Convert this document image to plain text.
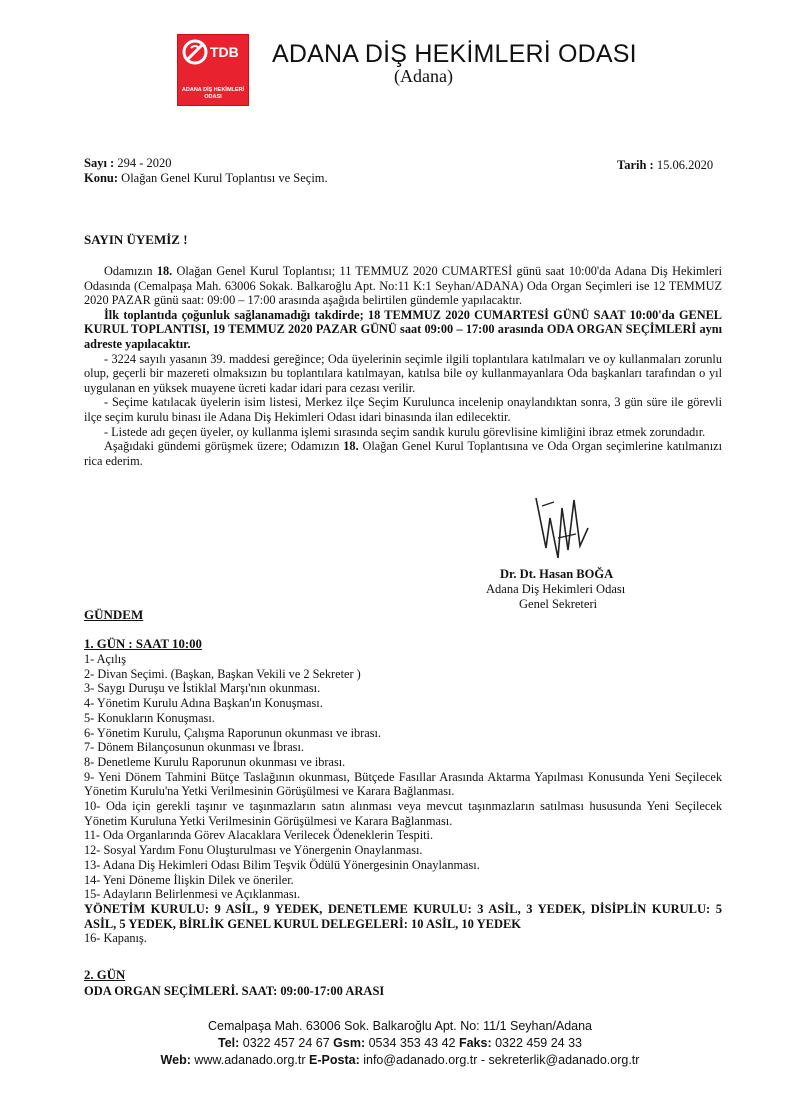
TDB
ADANA DİŞ HEKİMLERİ ODASI
ADANA DİŞ HEKİMLERİ ODASI
(Adana)
Sayı : 294 - 2020
Konu: Olağan Genel Kurul Toplantısı ve Seçim.
Tarih : 15.06.2020
SAYIN ÜYEMİZ !

Odamızın 18. Olağan Genel Kurul Toplantısı; 11 TEMMUZ 2020 CUMARTESİ günü saat 10:00'da Adana Diş Hekimleri Odasında (Cemalpaşa Mah. 63006 Sokak. Balkaroğlu Apt. No:11 K:1 Seyhan/ADANA) Oda Organ Seçimleri ise 12 TEMMUZ 2020 PAZAR günü saat: 09:00 – 17:00 arasında aşağıda belirtilen gündemle yapılacaktır.

İlk toplantıda çoğunluk sağlanamadığı takdirde; 18 TEMMUZ 2020 CUMARTESİ GÜNÜ SAAT 10:00'da GENEL KURUL TOPLANTISI, 19 TEMMUZ 2020 PAZAR GÜNÜ saat 09:00 – 17:00 arasında ODA ORGAN SEÇİMLERİ aynı adreste yapılacaktır.

- 3224 sayılı yasanın 39. maddesi gereğince; Oda üyelerinin seçimle ilgili toplantılara katılmaları ve oy kullanmaları zorunlu olup, geçerli bir mazereti olmaksızın bu toplantılara katılmayan, katılsa bile oy kullanmayanlara Oda başkanları tarafından o yıl uygulanan en yüksek muayene ücreti kadar idari para cezası verilir.

- Seçime katılacak üyelerin isim listesi, Merkez ilçe Seçim Kurulunca incelenip onaylandıktan sonra, 3 gün süre ile görevli ilçe seçim kurulu binası ile Adana Diş Hekimleri Odası idari binasında ilan edilecektir.

- Listede adı geçen üyeler, oy kullanma işlemi sırasında seçim sandık kurulu görevlisine kimliğini ibraz etmek zorundadır.

Aşağıdaki gündemi görüşmek üzere; Odamızın 18. Olağan Genel Kurul Toplantısına ve Oda Organ seçimlerine katılmanızı rica ederim.

Dr. Dt. Hasan BOĞA
Adana Diş Hekimleri Odası
Genel Sekreteri
GÜNDEM
1. GÜN : SAAT 10:00
1- Açılış
2- Divan Seçimi. (Başkan, Başkan Vekili ve 2 Sekreter )
3- Saygı Duruşu ve İstiklal Marşı'nın okunması.
4- Yönetim Kurulu Adına Başkan'ın Konuşması.
5- Konukların Konuşması.
6- Yönetim Kurulu, Çalışma Raporunun okunması ve ibrası.
7- Dönem Bilançosunun okunması ve İbrası.
8- Denetleme Kurulu Raporunun okunması ve ibrası.
9- Yeni Dönem Tahmini Bütçe Taslağının okunması, Bütçede Fasıllar Arasında Aktarma Yapılması Konusunda Yeni Seçilecek Yönetim Kurulu'na Yetki Verilmesinin Görüşülmesi ve Karara Bağlanması.
10- Oda için gerekli taşınır ve taşınmazların satın alınması veya mevcut taşınmazların satılması hususunda Yeni Seçilecek Yönetim Kuruluna Yetki Verilmesinin Görüşülmesi ve Karara Bağlanması.
11- Oda Organlarında Görev Alacaklara Verilecek Ödeneklerin Tespiti.
12- Sosyal Yardım Fonu Oluşturulması ve Yönergenin Onaylanması.
13- Adana Diş Hekimleri Odası Bilim Teşvik Ödülü Yönergesinin Onaylanması.
14- Yeni Döneme İlişkin Dilek ve öneriler.
15- Adayların Belirlenmesi ve Açıklanması.
YÖNETİM KURULU: 9 ASİL, 9 YEDEK, DENETLEME KURULU: 3 ASİL, 3 YEDEK, DİSİPLİN KURULU: 5 ASİL, 5 YEDEK, BİRLİK GENEL KURUL DELEGELERİ: 10 ASİL, 10 YEDEK
16- Kapanış.
2. GÜN
ODA ORGAN SEÇİMLERİ. SAAT: 09:00-17:00 ARASI
Cemalpaşa Mah. 63006 Sok. Balkaroğlu Apt. No: 11/1 Seyhan/Adana
Tel: 0322 457 24 67 Gsm: 0534 353 43 42 Faks: 0322 459 24 33
Web: www.adanado.org.tr E-Posta: info@adanado.org.tr - sekreterlik@adanado.org.tr
